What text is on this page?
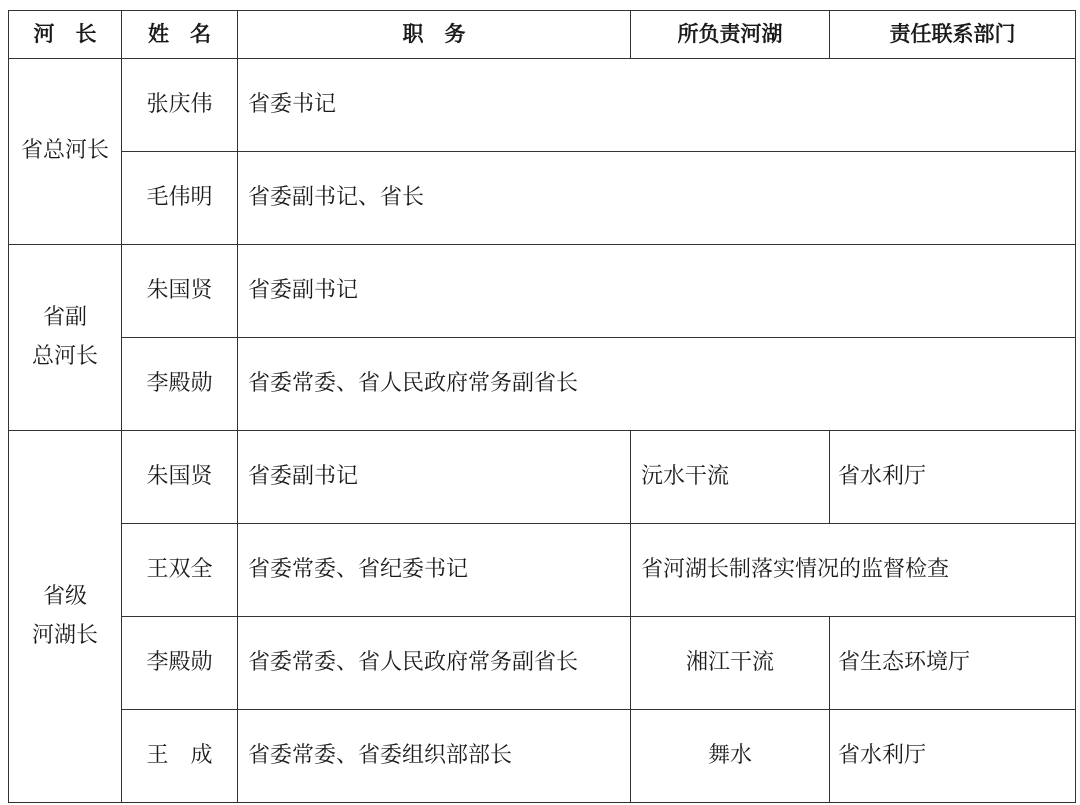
河　长	姓　名	职　务	所负责河湖	责任联系部门
省总河长	张庆伟	省委书记		
	毛伟明	省委副书记、省长		
省副
总河长	朱国贤	省委副书记		
	李殿勋	省委常委、省人民政府常务副省长		
省级
河湖长	朱国贤	省委副书记	沅水干流	省水利厅
	王双全	省委常委、省纪委书记	省河湖长制落实情况的监督检查	
	李殿勋	省委常委、省人民政府常务副省长	湘江干流	省生态环境厅
	王　成	省委常委、省委组织部部长	舞水	省水利厅
